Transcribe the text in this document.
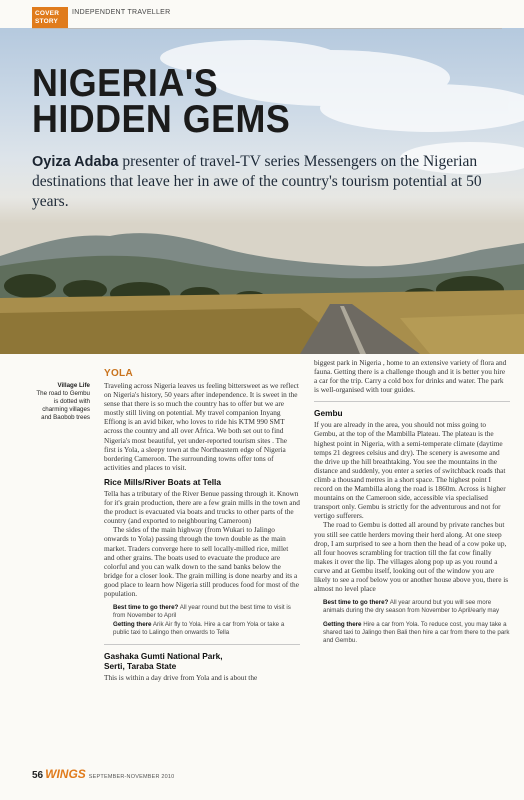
COVER STORY
INDEPENDENT TRAVELLER
NIGERIA'S
HIDDEN GEMS
Oyiza Adaba presenter of travel-TV series Messengers on the Nigerian destinations that leave her in awe of the country's tourism potential at 50 years.
Village Life
The road to Gembu is dotted with charming villages and Baobob trees
YOLA

Traveling across Nigeria leaves us feeling bittersweet as we reflect on Nigeria's history, 50 years after independence. It is sweet in the sense that there is so much the country has to offer but we are mostly still living on potential. My travel companion Inyang Effiong is an avid biker, who loves to ride his KTM 990 SMT across the country and all over Africa. We both set out to find Nigeria's most beautiful, yet under-reported tourism sites . The first is Yola, a sleepy town at the Northeastern edge of Nigeria bordering Cameroon. The surrounding towns offer tons of activities and places to visit.

Rice Mills/River Boats at Tella

Tella has a tributary of the River Benue passing through it. Known for it's grain production, there are a few grain mills in the town and the product is evacuated via boats and trucks to other parts of the country (and exported to neighbouring Cameroon)

The sides of the main highway (from Wukari to Jalingo onwards to Yola) passing through the town double as the main market. Traders converge here to sell locally-milled rice, millet and other grains. The boats used to evacuate the produce are colorful and you can walk down to the sand banks below the bridge for a closer look. The grain milling is done nearby and its a good place to learn how Nigeria still produces food for most of the population.

Best time to go there? All year round but the best time to visit is from November to April
Getting there Arik Air fly to Yola. Hire a car from Yola or take a public taxi to Lalingo then onwards to Tella
Gashaka Gumti National Park,
Serti, Taraba State

This is within a day drive from Yola and is about the

biggest park in Nigeria , home to an extensive variety of flora and fauna. Getting there is a challenge though and it is better you hire a car for the trip. Carry a cold box for drinks and water. The park is well-organised with tour guides.

Gembu

If you are already in the area, you should not miss going to Gembu, at the top of the Mambilla Plateau. The plateau is the highest point in Nigeria, with a semi-temperate climate (daytime temps 21 degrees celsius and dry). The scenery is awesome and the drive up the hill breathtaking. You see the mountains in the distance and suddenly, you enter a series of switchback roads that climb a thousand metres in a short space. The highest point I record on the Mambilla along the road is 1860m. Across is higher mountains on the Cameroon side, accessible via specialised transport only. Gembu is strictly for the adventurous and not for vertigo sufferers.

The road to Gembu is dotted all around by private ranches but you still see cattle herders moving their herd along. At one steep drop, I am surprised to see a horn then the head of a cow poke up, all four hooves scrambling for traction till the fat cow finally makes it over the lip. The villages along pop up as you round a curve and at Gembu itself, looking out of the window you are likely to see a roof below you or another house above you, there is almost no level place

Best time to go there? All year around but you will see more animals during the dry season from November to April/early may
Getting there Hire a car from Yola. To reduce cost, you may take a shared taxi to Jalingo then Bali then hire a car from there to the park and Gembu.
56 WINGS SEPTEMBER-NOVEMBER 2010
